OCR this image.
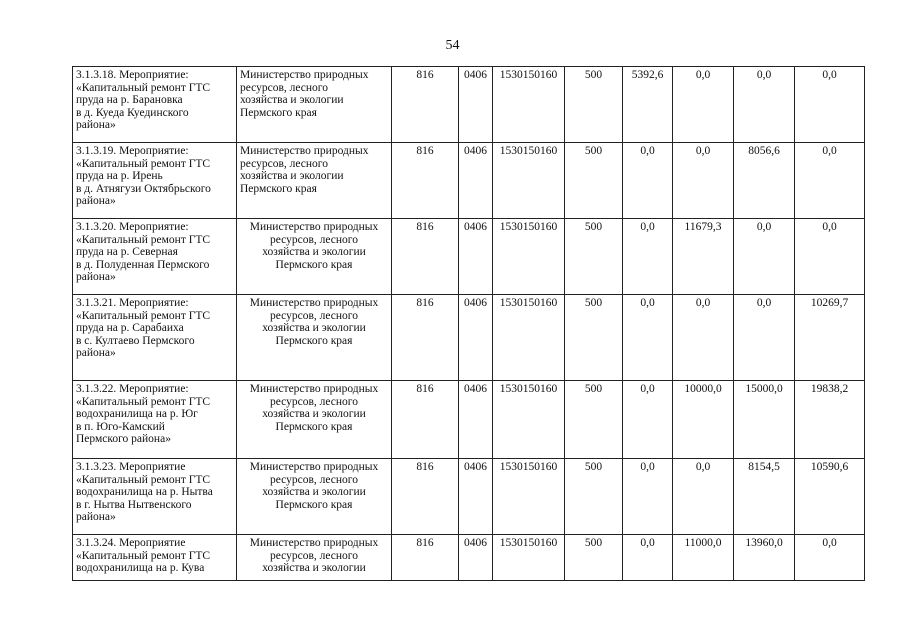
54
3.1.3.18. Мероприятие:
«Капитальный ремонт ГТС
пруда на р. Барановка
в д. Куеда Куединского
района»	Министерство природных
ресурсов, лесного
хозяйства и экологии
Пермского края	816	0406	1530150160	500	5392,6	0,0	0,0	0,0

3.1.3.19. Мероприятие:
«Капитальный ремонт ГТС
пруда на р. Ирень
в д. Атнягузи Октябрьского
района»	Министерство природных
ресурсов, лесного
хозяйства и экологии
Пермского края	816	0406	1530150160	500	0,0	0,0	8056,6	0,0

3.1.3.20. Мероприятие:
«Капитальный ремонт ГТС
пруда на р. Северная
в д. Полуденная Пермского
района»	Министерство природных
ресурсов, лесного
хозяйства и экологии
Пермского края	816	0406	1530150160	500	0,0	11679,3	0,0	0,0

3.1.3.21. Мероприятие:
«Капитальный ремонт ГТС
пруда на р. Сарабаиха
в с. Култаево Пермского
района»	Министерство природных
ресурсов, лесного
хозяйства и экологии
Пермского края	816	0406	1530150160	500	0,0	0,0	0,0	10269,7

3.1.3.22. Мероприятие:
«Капитальный ремонт ГТС
водохранилища на р. Юг
в п. Юго-Камский
Пермского района»	Министерство природных
ресурсов, лесного
хозяйства и экологии
Пермского края	816	0406	1530150160	500	0,0	10000,0	15000,0	19838,2

3.1.3.23. Мероприятие
«Капитальный ремонт ГТС
водохранилища на р. Нытва
в г. Нытва Нытвенского
района»	Министерство природных
ресурсов, лесного
хозяйства и экологии
Пермского края	816	0406	1530150160	500	0,0	0,0	8154,5	10590,6

3.1.3.24. Мероприятие
«Капитальный ремонт ГТС
водохранилища на р. Кува	Министерство природных
ресурсов, лесного
хозяйства и экологии	816	0406	1530150160	500	0,0	11000,0	13960,0	0,0
